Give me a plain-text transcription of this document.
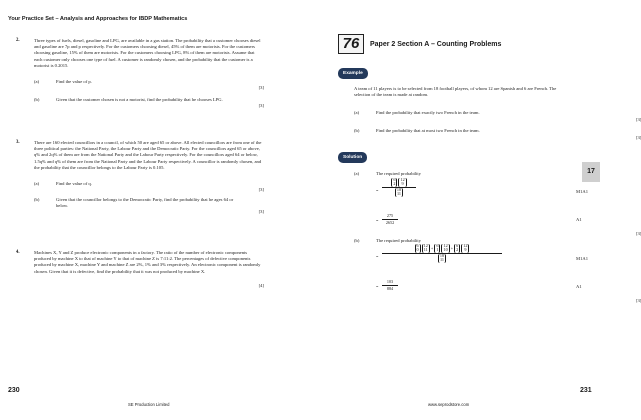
Your Practice Set – Analysis and Approaches for IBDP Mathematics
2.	Three types of fuels, diesel, gasoline and LPG, are available in a gas station. The probability that a customer chooses diesel and gasoline are 7p and p respectively. For the customers choosing diesel, 45% of them are motorists. For the customers choosing gasoline, 15% of them are motorists. For the customers choosing LPG, 8% of them are motorists. Assume that each customer only chooses one type of fuel. A customer is randomly chosen, and the probability that the customer is a motorist is 0.2015.
(a)	Find the value of p.
[3]
(b)	Given that the customer chosen is not a motorist, find the probability that he chooses LPG.
[3]
3.	There are 160 elected councillors in a council, of which 50 are aged 65 or above. All elected councillors are from one of the three political parties: the National Party, the Labour Party and the Democratic Party. For the councillors aged 65 or above, q% and 2q% of them are from the National Party and the Labour Party respectively. For the councillors aged 64 or below, 1.5q% and q% of them are from the National Party and the Labour Party respectively. A councillor is randomly chosen, and the probability that the councillor belongs to the Labour Party is 0.105.
(a)	Find the value of q.
[3]
(b)	Given that the councillor belongs to the Democratic Party, find the probability that he ages 64 or below.
[3]
4.	Machines X, Y and Z produce electronic components in a factory. The ratio of the number of electronic components produced by machine X to that of machine Y to that of machine Z is 7:11:2. The percentages of defective components produced by machine X, machine Y and machine Z are 2%, 1% and 3% respectively. An electronic component is randomly chosen. Given that it is defective, find the probability that it was not produced by machine X.
[4]
230
SE Production Limited
76	Paper 2 Section A – Counting Problems
Example
A team of 11 players is to be selected from 18 football players, of whom 12 are Spanish and 6 are French. The selection of the team is made at random.
(a)	Find the probability that exactly two French in the team.
[3]
(b)	Find the probability that at most two French in the team.
[3]
Solution
(a)	The required probability
=
6
2 12
9
18
11
=
275
2652
M1A1
A1
[3]
(b)	The required probability
=
6
0 12
11 + 6
1 12
10 + 6
2 12
9
18
11
=
103
884
M1A1
A1
[3]
17
231
www.seprodstore.com
